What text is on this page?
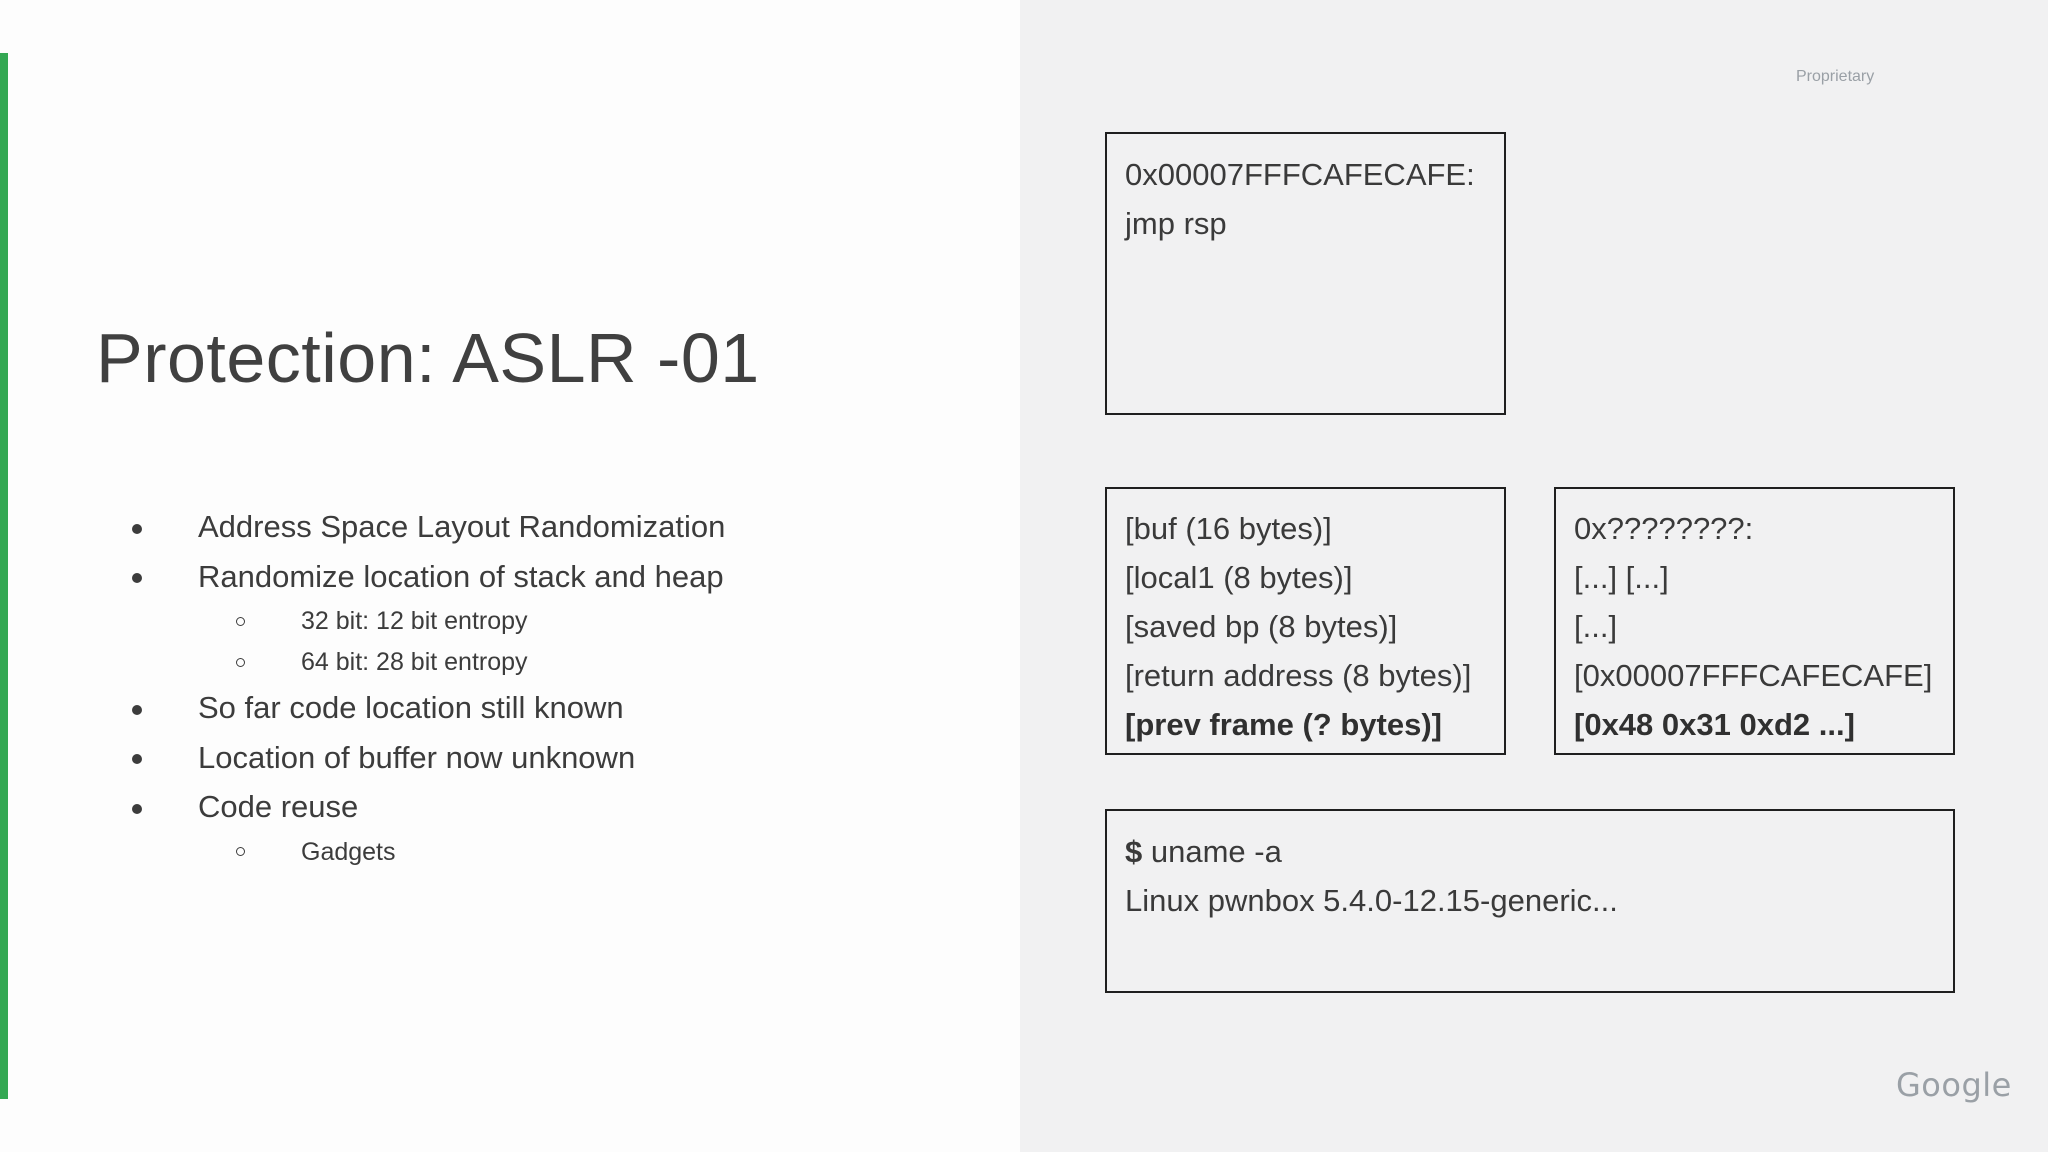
Protection: ASLR -01
Address Space Layout Randomization
Randomize location of stack and heap
32 bit: 12 bit entropy
64 bit: 28 bit entropy
So far code location still known
Location of buffer now unknown
Code reuse
Gadgets
Proprietary
0x00007FFFCAFECAFE:
jmp rsp
[buf (16 bytes)]
[local1 (8 bytes)]
[saved bp (8 bytes)]
[return address (8 bytes)]
[prev frame (? bytes)]
0x????????:
[...] [...]
[...]
[0x00007FFFCAFECAFE]
[0x48 0x31 0xd2 ...]
$ uname -a
Linux pwnbox 5.4.0-12.15-generic...
Google
